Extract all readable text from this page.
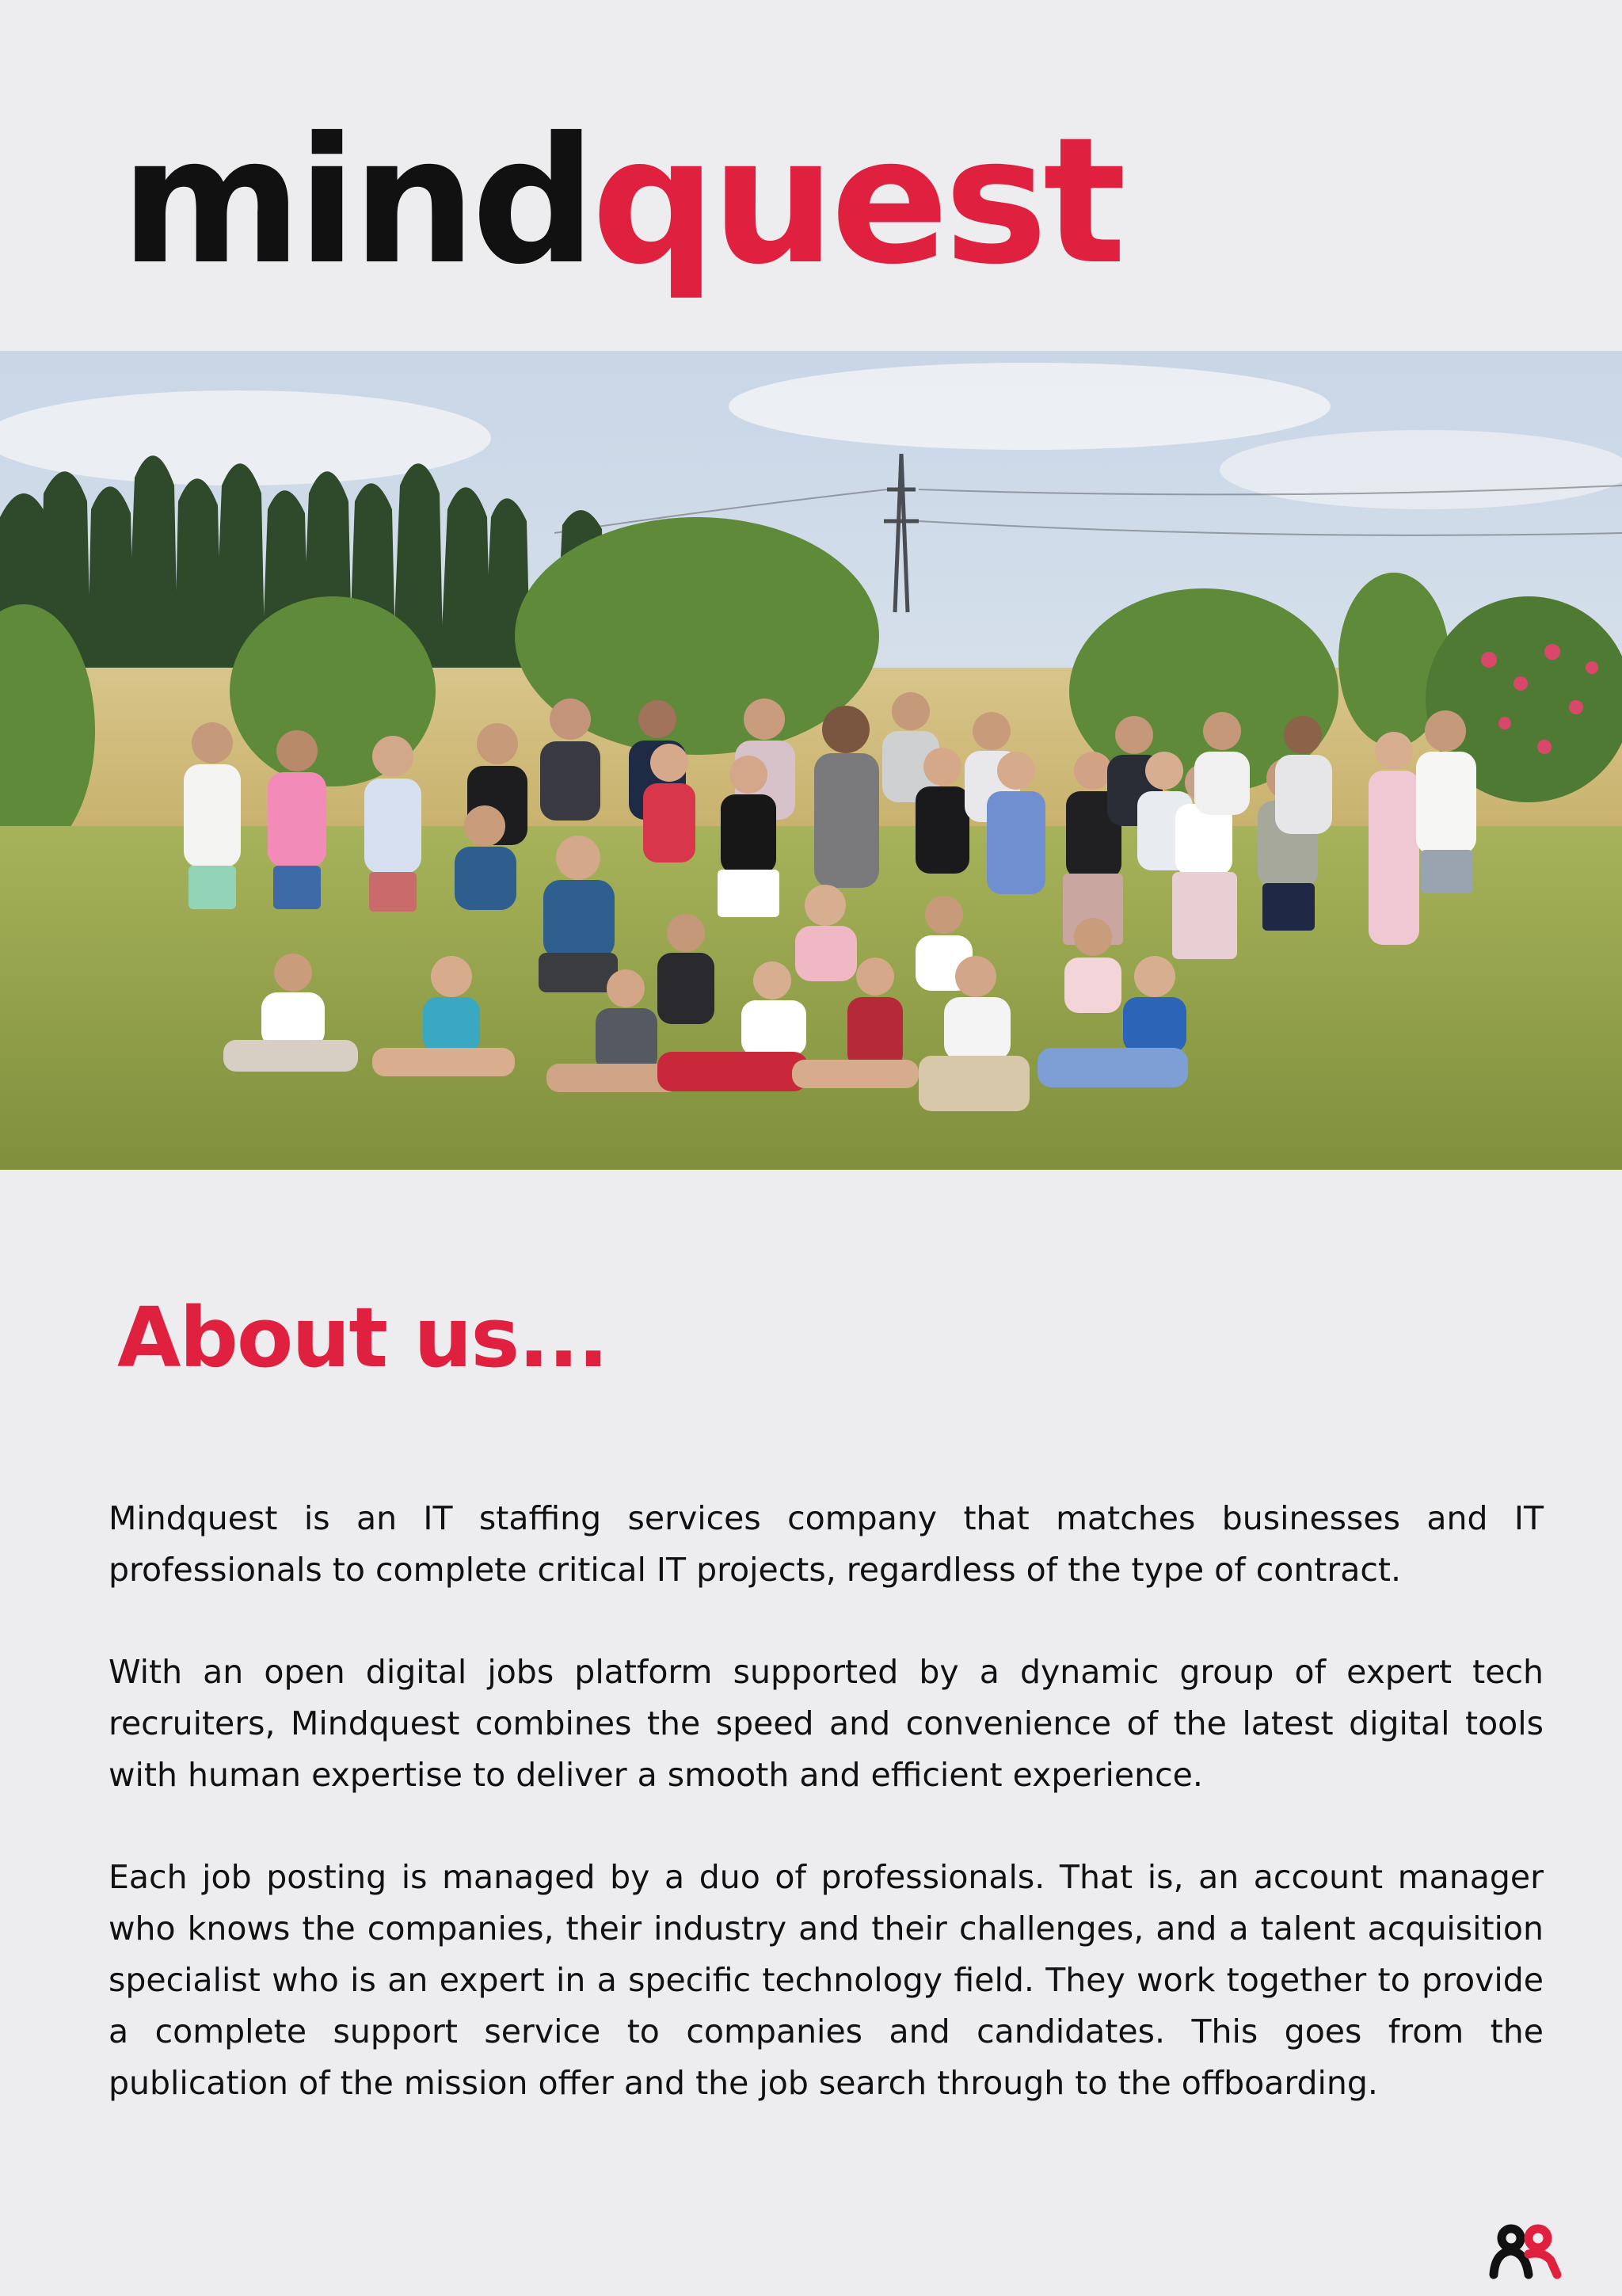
mindquest
About us...

Mindquest is an IT staffing services company that matches businesses and IT professionals to complete critical IT projects, regardless of the type of contract.

With an open digital jobs platform supported by a dynamic group of expert tech recruiters, Mindquest combines the speed and convenience of the latest digital tools with human expertise to deliver a smooth and efficient experience.

Each job posting is managed by a duo of professionals. That is, an account manager who knows the companies, their industry and their challenges, and a talent acquisition specialist who is an expert in a specific technology field. They work together to provide a complete support service to companies and candidates. This goes from the publication of the mission offer and the job search through to the offboarding.
